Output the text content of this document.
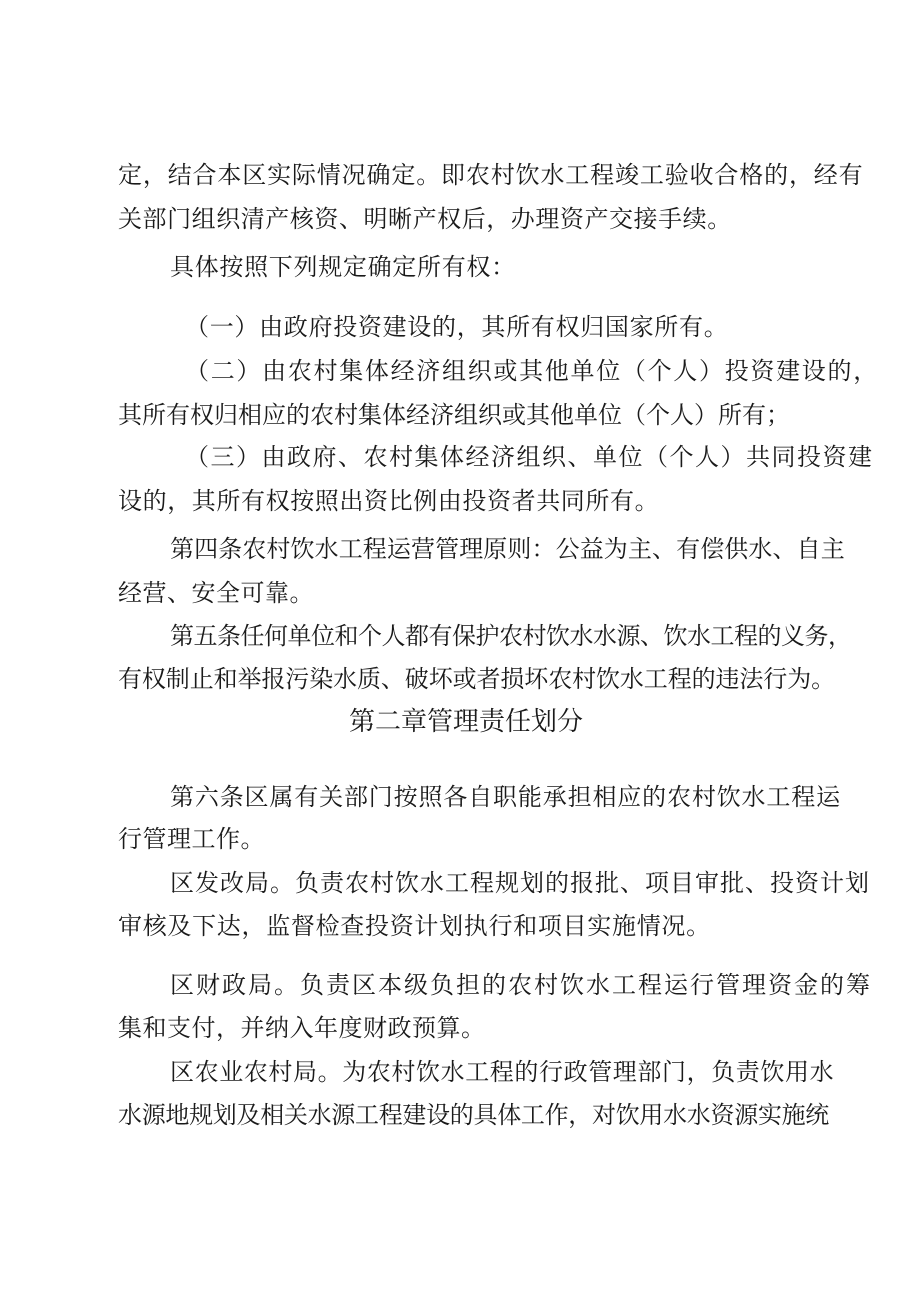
定，结合本区实际情况确定。即农村饮水工程竣工验收合格的，经有

关部门组织清产核资、明晰产权后，办理资产交接手续。

具体按照下列规定确定所有权：

（一）由政府投资建设的，其所有权归国家所有。

（二）由农村集体经济组织或其他单位（个人）投资建设的，

其所有权归相应的农村集体经济组织或其他单位（个人）所有；

（三）由政府、农村集体经济组织、单位（个人）共同投资建

设的，其所有权按照出资比例由投资者共同所有。

第四条农村饮水工程运营管理原则：公益为主、有偿供水、自主

经营、安全可靠。

第五条任何单位和个人都有保护农村饮水水源、饮水工程的义务，

有权制止和举报污染水质、破坏或者损坏农村饮水工程的违法行为。

第二章管理责任划分

第六条区属有关部门按照各自职能承担相应的农村饮水工程运

行管理工作。

区发改局。负责农村饮水工程规划的报批、项目审批、投资计划

审核及下达，监督检查投资计划执行和项目实施情况。

区财政局。负责区本级负担的农村饮水工程运行管理资金的筹

集和支付，并纳入年度财政预算。

区农业农村局。为农村饮水工程的行政管理部门，负责饮用水

水源地规划及相关水源工程建设的具体工作，对饮用水水资源实施统
